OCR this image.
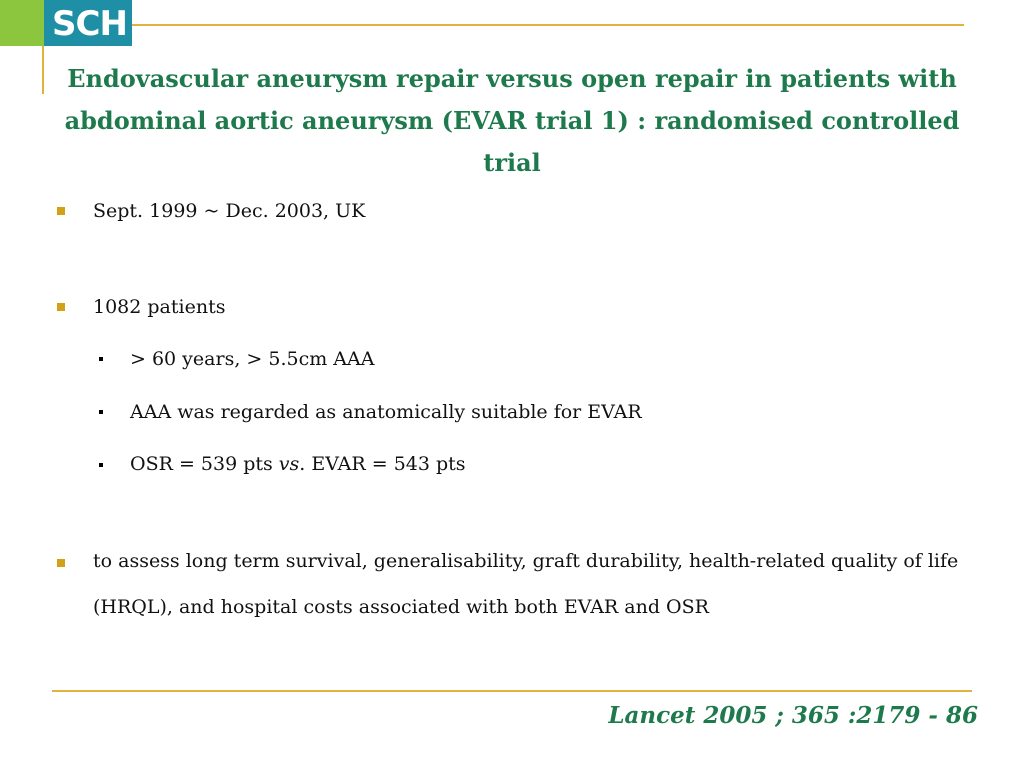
SCH
Endovascular aneurysm repair versus open repair in patients with abdominal aortic aneurysm (EVAR trial 1) : randomised controlled trial
Sept. 1999 ~ Dec. 2003, UK
1082 patients
> 60 years, > 5.5cm AAA
AAA was regarded as anatomically suitable for EVAR
OSR = 539 pts vs. EVAR = 543 pts
to assess long term survival, generalisability, graft durability, health-related quality of life (HRQL), and hospital costs associated with both EVAR and OSR
Lancet 2005 ; 365 :2179 - 86
